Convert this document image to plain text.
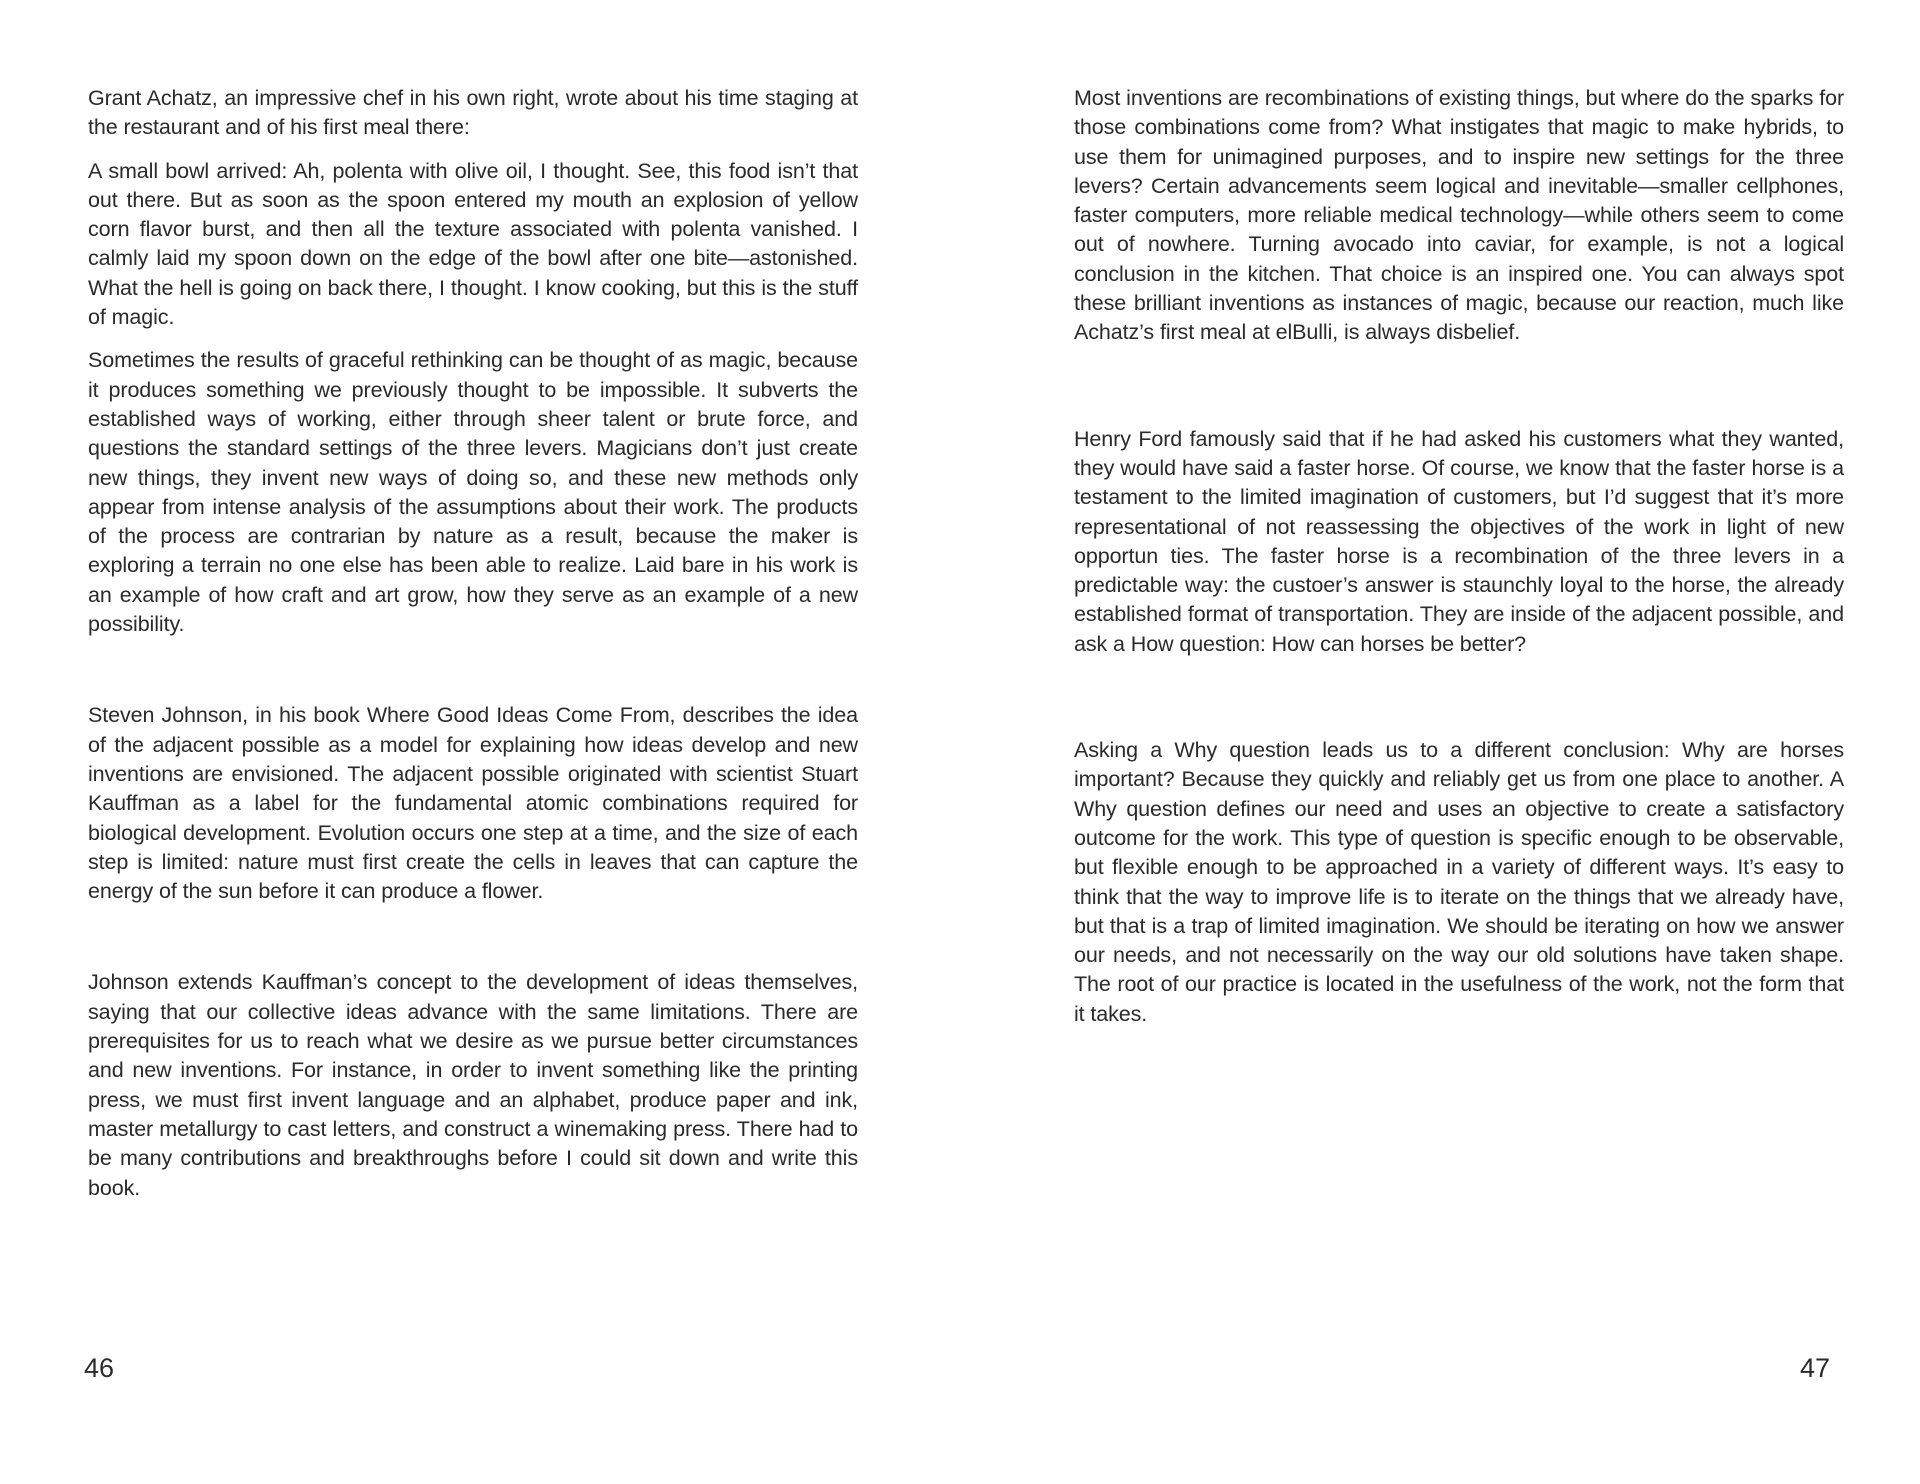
Grant Achatz, an impressive chef in his own right, wrote about his time staging at the restaurant and of his first meal there:

A small bowl arrived: Ah, polenta with olive oil, I thought. See, this food isn’t that out there. But as soon as the spoon entered my mouth an explosion of yellow corn flavor burst, and then all the texture associated with polenta vanished. I calmly laid my spoon down on the edge of the bowl after one bite—astonished. What the hell is going on back there, I thought. I know cooking, but this is the stuff of magic.

Sometimes the results of graceful rethinking can be thought of as magic, because it produces something we previously thought to be impossible. It subverts the established ways of working, either through sheer talent or brute force, and questions the standard settings of the three levers. Magicians don’t just create new things, they invent new ways of doing so, and these new methods only appear from intense analysis of the assumptions about their work. The products of the process are contrarian by nature as a result, because the maker is exploring a terrain no one else has been able to realize. Laid bare in his work is an example of how craft and art grow, how they serve as an example of a new possibility.

Steven Johnson, in his book Where Good Ideas Come From, describes the idea of the adjacent possible as a model for explaining how ideas develop and new inventions are envisioned. The adjacent possible originated with scientist Stuart Kauffman as a label for the fundamental atomic combinations required for biological development. Evolution occurs one step at a time, and the size of each step is limited: nature must first create the cells in leaves that can capture the energy of the sun before it can produce a flower.

Johnson extends Kauffman’s concept to the development of ideas themselves, saying that our collective ideas advance with the same limitations. There are prerequisites for us to reach what we desire as we pursue better circumstances and new inventions. For instance, in order to invent something like the printing press, we must first invent language and an alphabet, produce paper and ink, master metallurgy to cast letters, and construct a winemaking press. There had to be many contributions and breakthroughs before I could sit down and write this book.

46

Most inventions are recombinations of existing things, but where do the sparks for those combinations come from? What instigates that magic to make hybrids, to use them for unimagined purposes, and to inspire new settings for the three levers? Certain advancements seem logical and inevitable—smaller cellphones, faster computers, more reliable medical technology—while others seem to come out of nowhere. Turning avocado into caviar, for example, is not a logical conclusion in the kitchen. That choice is an inspired one. You can always spot these brilliant inventions as instances of magic, because our reaction, much like Achatz’s first meal at elBulli, is always disbelief.

Henry Ford famously said that if he had asked his customers what they wanted, they would have said a faster horse. Of course, we know that the faster horse is a testament to the limited imagination of customers, but I’d suggest that it’s more representational of not reassessing the objectives of the work in light of new opportun ties. The faster horse is a recombination of the three levers in a predictable way: the custoer’s answer is staunchly loyal to the horse, the already established format of transportation. They are inside of the adjacent possible, and ask a How question: How can horses be better?

Asking a Why question leads us to a different conclusion: Why are horses important? Because they quickly and reliably get us from one place to another. A Why question defines our need and uses an objective to create a satisfactory outcome for the work. This type of question is specific enough to be observable, but flexible enough to be approached in a variety of different ways. It’s easy to think that the way to improve life is to iterate on the things that we already have, but that is a trap of limited imagination. We should be iterating on how we answer our needs, and not necessarily on the way our old solutions have taken shape. The root of our practice is located in the usefulness of the work, not the form that it takes.

47
